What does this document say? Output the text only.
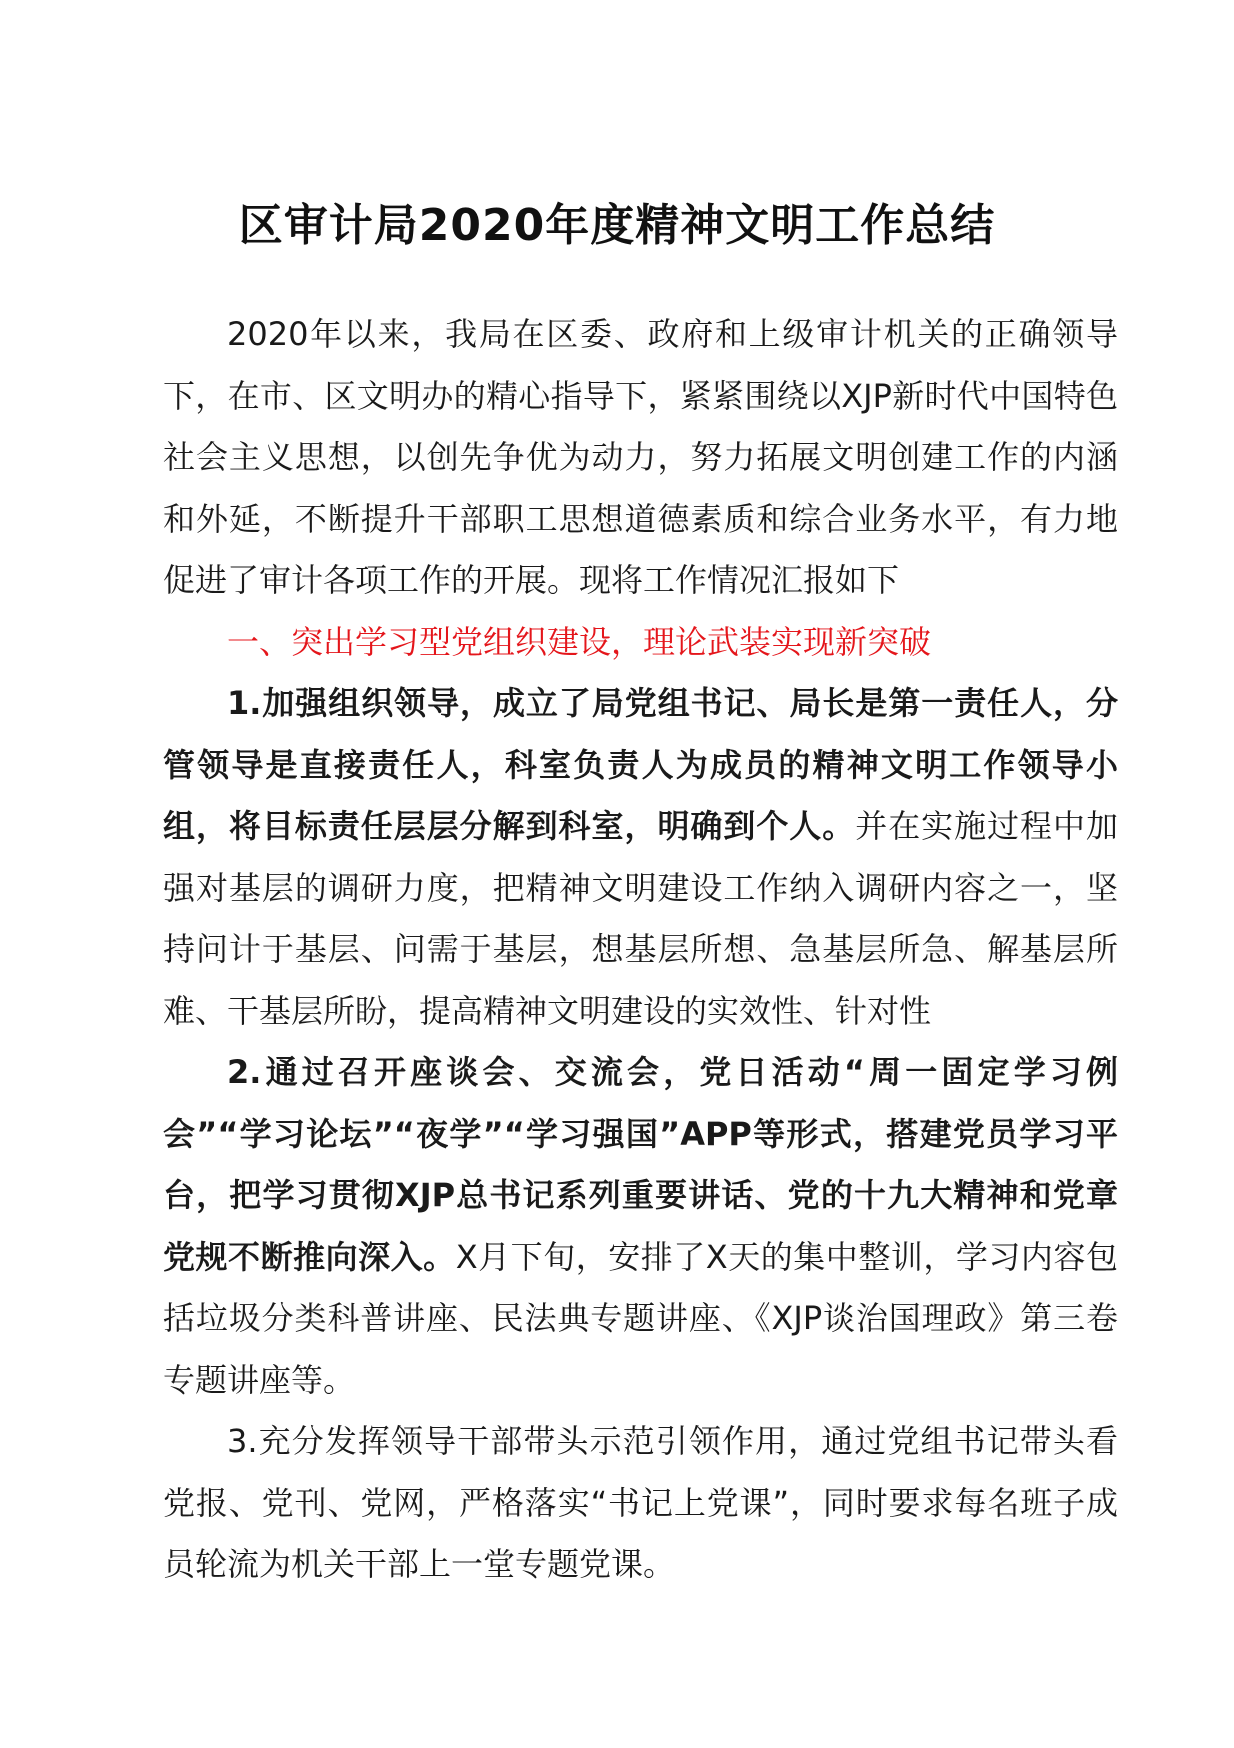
区审计局2020年度精神文明工作总结

2020年以来，我局在区委、政府和上级审计机关的正确领导下，在市、区文明办的精心指导下，紧紧围绕以XJP新时代中国特色社会主义思想，以创先争优为动力，努力拓展文明创建工作的内涵和外延，不断提升干部职工思想道德素质和综合业务水平，有力地促进了审计各项工作的开展。现将工作情况汇报如下

一、突出学习型党组织建设，理论武装实现新突破

1.加强组织领导，成立了局党组书记、局长是第一责任人，分管领导是直接责任人，科室负责人为成员的精神文明工作领导小组，将目标责任层层分解到科室，明确到个人。并在实施过程中加强对基层的调研力度，把精神文明建设工作纳入调研内容之一，坚持问计于基层、问需于基层，想基层所想、急基层所急、解基层所难、干基层所盼，提高精神文明建设的实效性、针对性

2.通过召开座谈会、交流会，党日活动“周一固定学习例会”“学习论坛”“夜学”“学习强国”APP等形式，搭建党员学习平台，把学习贯彻XJP总书记系列重要讲话、党的十九大精神和党章党规不断推向深入。X月下旬，安排了X天的集中整训，学习内容包括垃圾分类科普讲座、民法典专题讲座、《XJP谈治国理政》第三卷专题讲座等。

3.充分发挥领导干部带头示范引领作用，通过党组书记带头看党报、党刊、党网，严格落实“书记上党课”，同时要求每名班子成员轮流为机关干部上一堂专题党课。
